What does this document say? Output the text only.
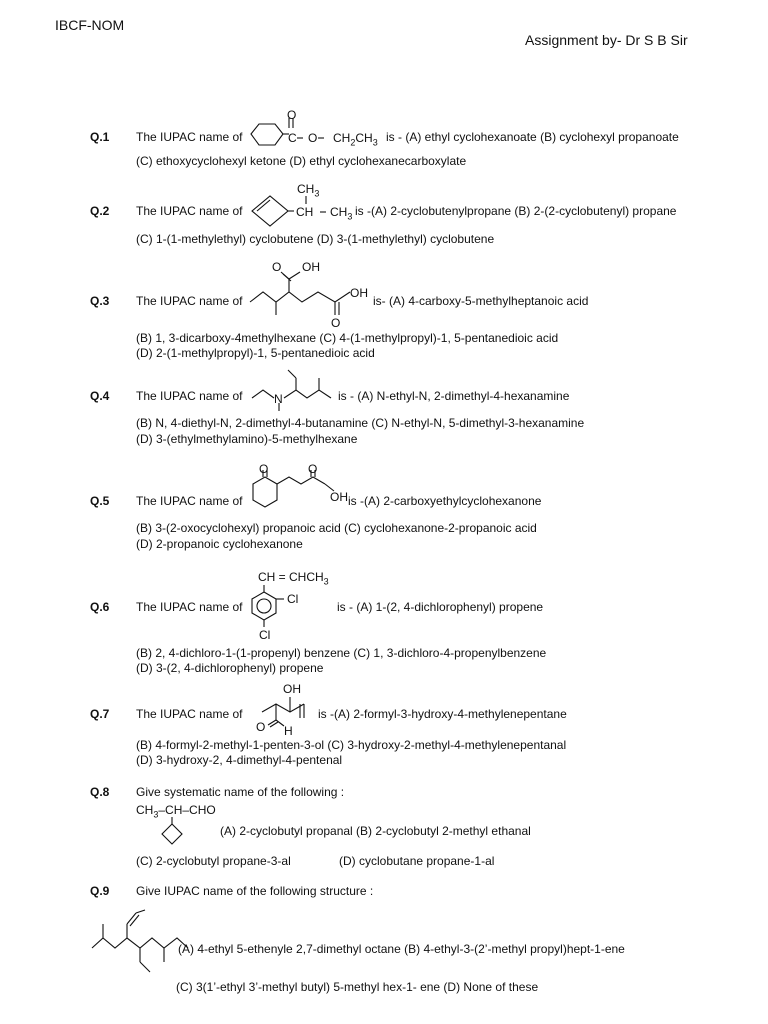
IBCF-NOM
Assignment by- Dr S B Sir
Q.1 The IUPAC name of
O
C O $CH_2CH_3$ is - (A) ethyl cyclohexanoate (B) cyclohexyl propanoate
(C) ethoxycyclohexyl ketone (D) ethyl cyclohexanecarboxylate
Q.2 The IUPAC name of
$CH_3$
CH $CH_3$ is -(A) 2-cyclobutenylpropane (B) 2-(2-cyclobutenyl) propane
(C) 1-(1-methylethyl) cyclobutene (D) 3-(1-methylethyl) cyclobutene
Q.3 The IUPAC name of
O OH
OH
O
is- (A) 4-carboxy-5-methylheptanoic acid
(B) 1, 3-dicarboxy-4methylhexane (C) 4-(1-methylpropyl)-1, 5-pentanedioic acid
(D) 2-(1-methylpropyl)-1, 5-pentanedioic acid
Q.4 The IUPAC name of	N	is - (A) N-ethyl-N, 2-dimethyl-4-hexanamine
(B) N, 4-diethyl-N, 2-dimethyl-4-butanamine (C) N-ethyl-N, 5-dimethyl-3-hexanamine
(D) 3-(ethylmethylamino)-5-methylhexane
Q.5 The IUPAC name of
O	O
OH is -(A) 2-carboxyethylcyclohexanone
(B) 3-(2-oxocyclohexyl) propanoic acid (C) cyclohexanone-2-propanoic acid
(D) 2-propanoic cyclohexanone
Q.6 The IUPAC name of
CH = $CHCH_3$
Cl
Cl
is - (A) 1-(2, 4-dichlorophenyl) propene
(B) 2, 4-dichloro-1-(1-propenyl) benzene (C) 1, 3-dichloro-4-propenylbenzene
(D) 3-(2, 4-dichlorophenyl) propene
Q.7 The IUPAC name of
OH
O H
is -(A) 2-formyl-3-hydroxy-4-methylenepentane
(B) 4-formyl-2-methyl-1-penten-3-ol (C) 3-hydroxy-2-methyl-4-methylenepentanal
(D) 3-hydroxy-2, 4-dimethyl-4-pentenal
Q.8 Give systematic name of the following :
$CH_3-CH$–CHO
(A) 2-cyclobutyl propanal (B) 2-cyclobutyl 2-methyl ethanal
(C) 2-cyclobutyl propane-3-al	(D) cyclobutane propane-1-al
Q.9 Give IUPAC name of the following structure :
(A) 4-ethyl 5-ethenyle 2,7-dimethyl octane (B) 4-ethyl-3-(2’-methyl propyl)hept-1-ene
(C) 3(1’-ethyl 3’-methyl butyl) 5-methyl hex-1- ene (D) None of these
